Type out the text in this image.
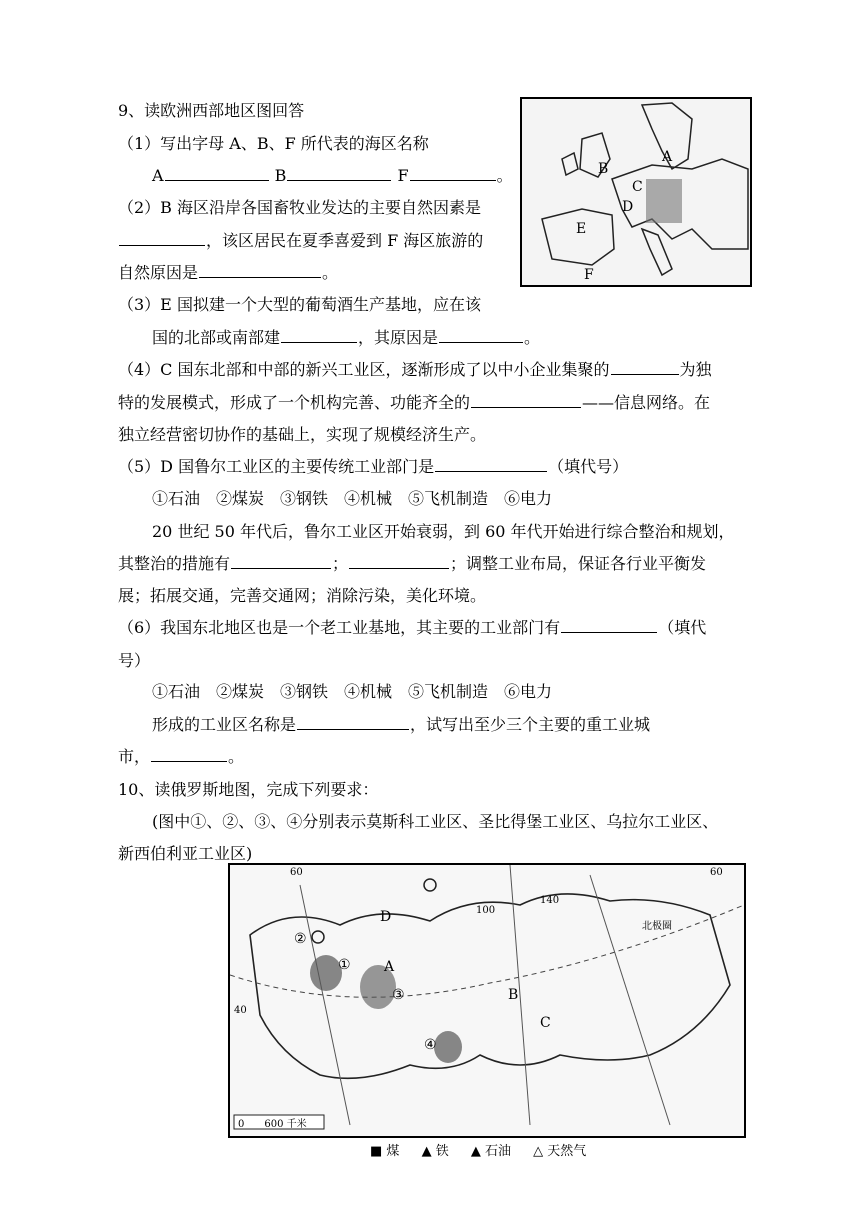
9、读欧洲西部地区图回答
（1）写出字母 A、B、F 所代表的海区名称
A	B	F	。
（2）B 海区沿岸各国畜牧业发达的主要自然因素是
，该区居民在夏季喜爱到 F 海区旅游的
自然原因是	。
（3）E 国拟建一个大型的葡萄酒生产基地，应在该
国的北部或南部建	，其原因是	。
（4）C 国东北部和中部的新兴工业区，逐渐形成了以中小企业集聚的	为独
特的发展模式，形成了一个机构完善、功能齐全的	——信息网络。在
独立经营密切协作的基础上，实现了规模经济生产。
（5）D 国鲁尔工业区的主要传统工业部门是	（填代号）
①石油　②煤炭　③钢铁　④机械　⑤飞机制造　⑥电力
20 世纪 50 年代后，鲁尔工业区开始衰弱，到 60 年代开始进行综合整治和规划，
其整治的措施有	；	；调整工业布局，保证各行业平衡发
展；拓展交通，完善交通网；消除污染，美化环境。
（6）我国东北地区也是一个老工业基地，其主要的工业部门有	（填代
号）
①石油　②煤炭　③钢铁　④机械　⑤飞机制造　⑥电力
形成的工业区名称是	，试写出至少三个主要的重工业城
市，	。
A
B
C
D
E
F
10、读俄罗斯地图，完成下列要求：
(图中①、②、③、④分别表示莫斯科工业区、圣比得堡工业区、乌拉尔工业区、
新西伯利亚工业区)
A
B
C
D
①
②
③
④
60
100
140
60
40
北极圈
0　　600 千米
■ 煤 ▲ 铁 ▲ 石油 △ 天然气
